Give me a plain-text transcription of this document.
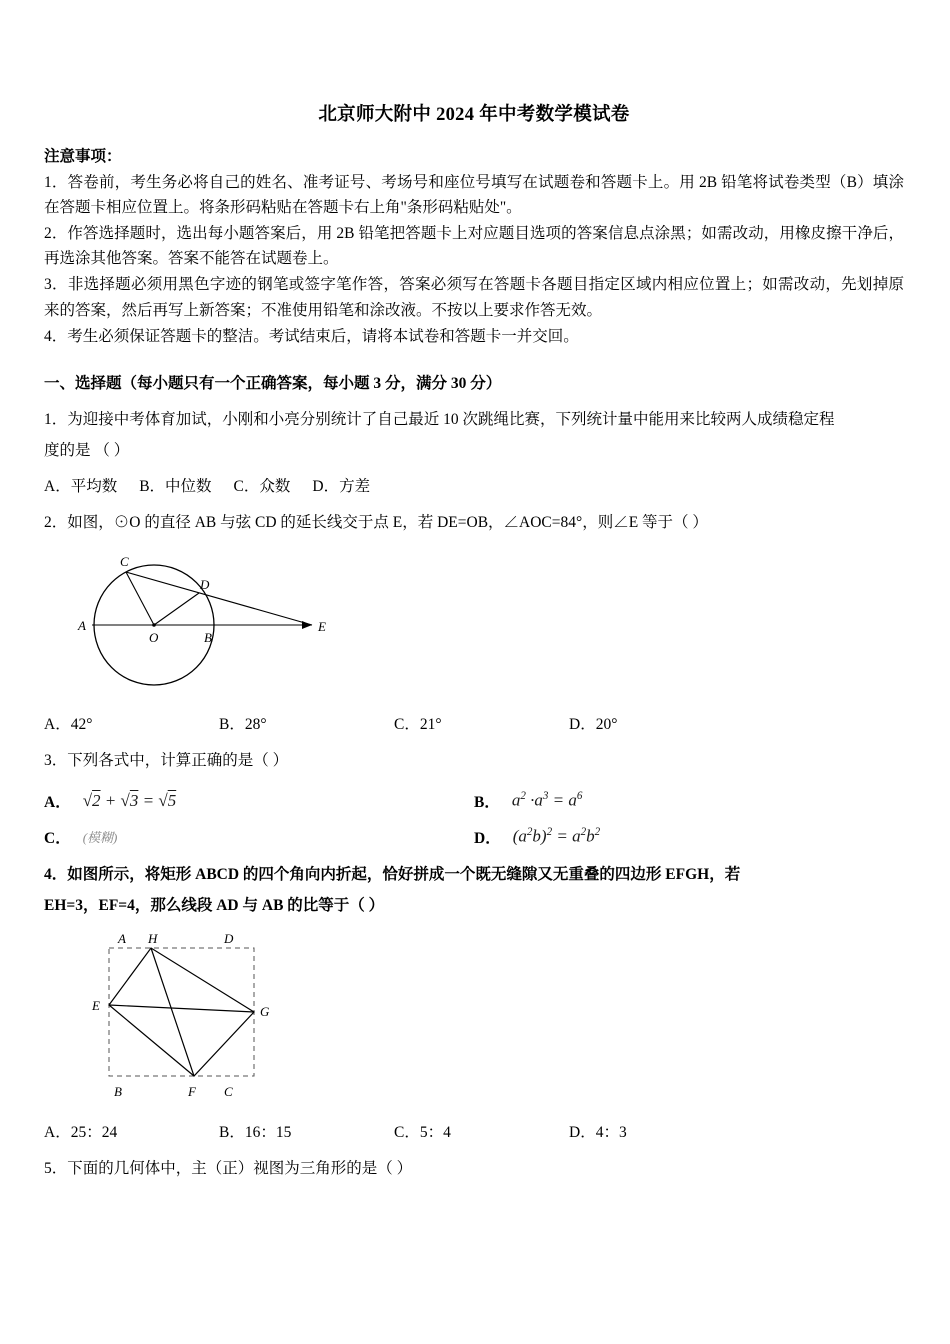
北京师大附中 2024 年中考数学模试卷
注意事项：
1．答卷前，考生务必将自己的姓名、准考证号、考场号和座位号填写在试题卷和答题卡上。用 2B 铅笔将试卷类型（B）填涂在答题卡相应位置上。将条形码粘贴在答题卡右上角"条形码粘贴处"。
2．作答选择题时，选出每小题答案后，用 2B 铅笔把答题卡上对应题目选项的答案信息点涂黑；如需改动，用橡皮擦干净后，再选涂其他答案。答案不能答在试题卷上。
3．非选择题必须用黑色字迹的钢笔或签字笔作答，答案必须写在答题卡各题目指定区域内相应位置上；如需改动，先划掉原来的答案，然后再写上新答案；不准使用铅笔和涂改液。不按以上要求作答无效。
4．考生必须保证答题卡的整洁。考试结束后，请将本试卷和答题卡一并交回。
一、选择题（每小题只有一个正确答案，每小题 3 分，满分 30 分）
1．为迎接中考体育加试，小刚和小亮分别统计了自己最近 10 次跳绳比赛，下列统计量中能用来比较两人成绩稳定程
度的是 （ ）
A．平均数 B．中位数 C．众数 D．方差
2．如图，⊙O 的直径 AB 与弦 CD 的延长线交于点 E，若 DE=OB，∠AOC=84°，则∠E 等于（ ）
C
D
A
O	B
E
A．42°	B．28°	C．21°	D．20°
3．下列各式中，计算正确的是（ ）
A． √2 + √3 = √5	B． $a^2 \cdot a^3 = a^6$
C． (模糊)	D． $(a^2b)^2 = a^2b^2$
4．如图所示，将矩形 ABCD 的四个角向内折起，恰好拼成一个既无缝隙又无重叠的四边形 EFGH，若
EH=3，EF=4，那么线段 AD 与 AB 的比等于（ ）
A H	D
E	G
B	F C
A．25：24	B．16：15	C．5：4	D．4：3
5．下面的几何体中，主（正）视图为三角形的是（ ）
